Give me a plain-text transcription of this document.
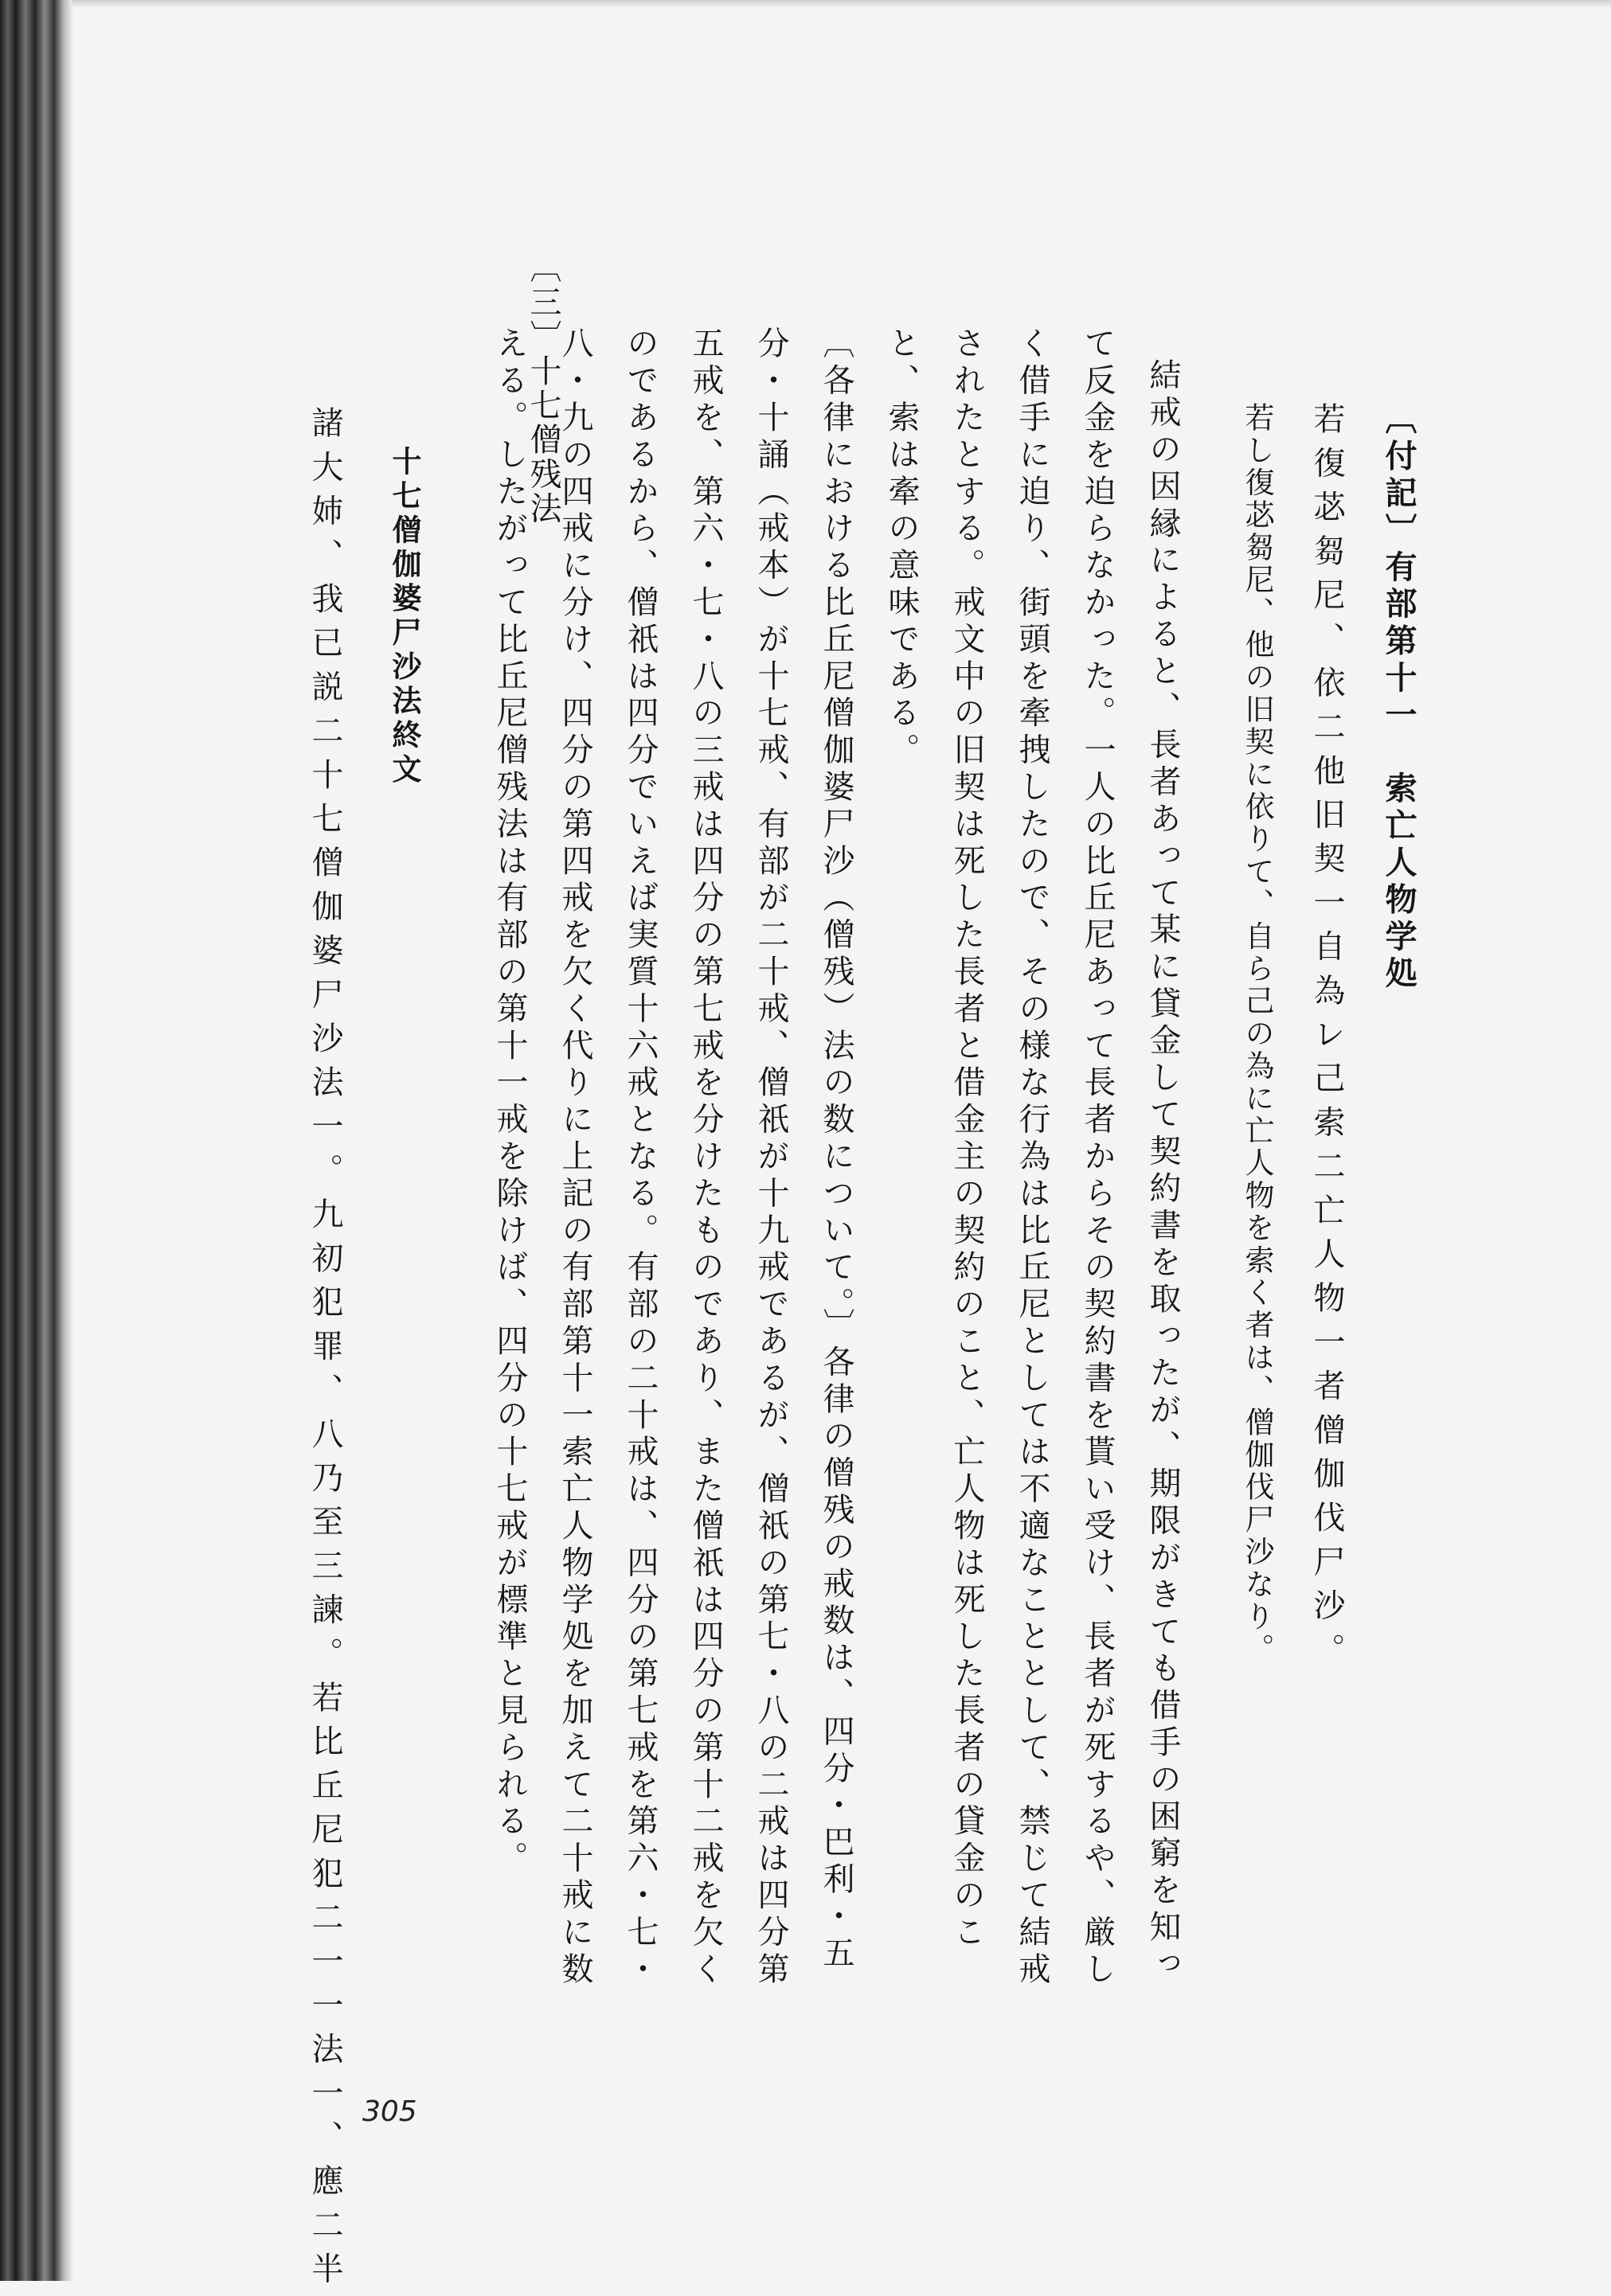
〔三〕十七僧残法
〔付記〕有部第十一　索亡人物学処
若復苾芻尼、依二他旧契一自為レ己索二亡人物一者僧伽伐尸沙。
若し復苾芻尼、他の旧契に依りて、自ら己の為に亡人物を索く者は、僧伽伐尸沙なり。
結戒の因縁によると、長者あって某に貸金して契約書を取ったが、期限がきても借手の困窮を知っ
て反金を迫らなかった。一人の比丘尼あって長者からその契約書を貰い受け、長者が死するや、厳し
く借手に迫り、街頭を牽拽したので、その様な行為は比丘尼としては不適なこととして、禁じて結戒
されたとする。戒文中の旧契は死した長者と借金主の契約のこと、亡人物は死した長者の貸金のこ
と、索は牽の意味である。
〔各律における比丘尼僧伽婆尸沙（僧残）法の数について。〕各律の僧残の戒数は、四分・巴利・五
分・十誦（戒本）が十七戒、有部が二十戒、僧祇が十九戒であるが、僧祇の第七・八の二戒は四分第
五戒を、第六・七・八の三戒は四分の第七戒を分けたものであり、また僧祇は四分の第十二戒を欠く
のであるから、僧祇は四分でいえば実質十六戒となる。有部の二十戒は、四分の第七戒を第六・七・
八・九の四戒に分け、四分の第四戒を欠く代りに上記の有部第十一索亡人物学処を加えて二十戒に数
える。したがって比丘尼僧残法は有部の第十一戒を除けば、四分の十七戒が標準と見られる。
十七僧伽婆尸沙法終文
諸大姉、我已説二十七僧伽婆尸沙法一。九初犯罪、八乃至三諫。若比丘尼犯二一一法一、應二半 305
